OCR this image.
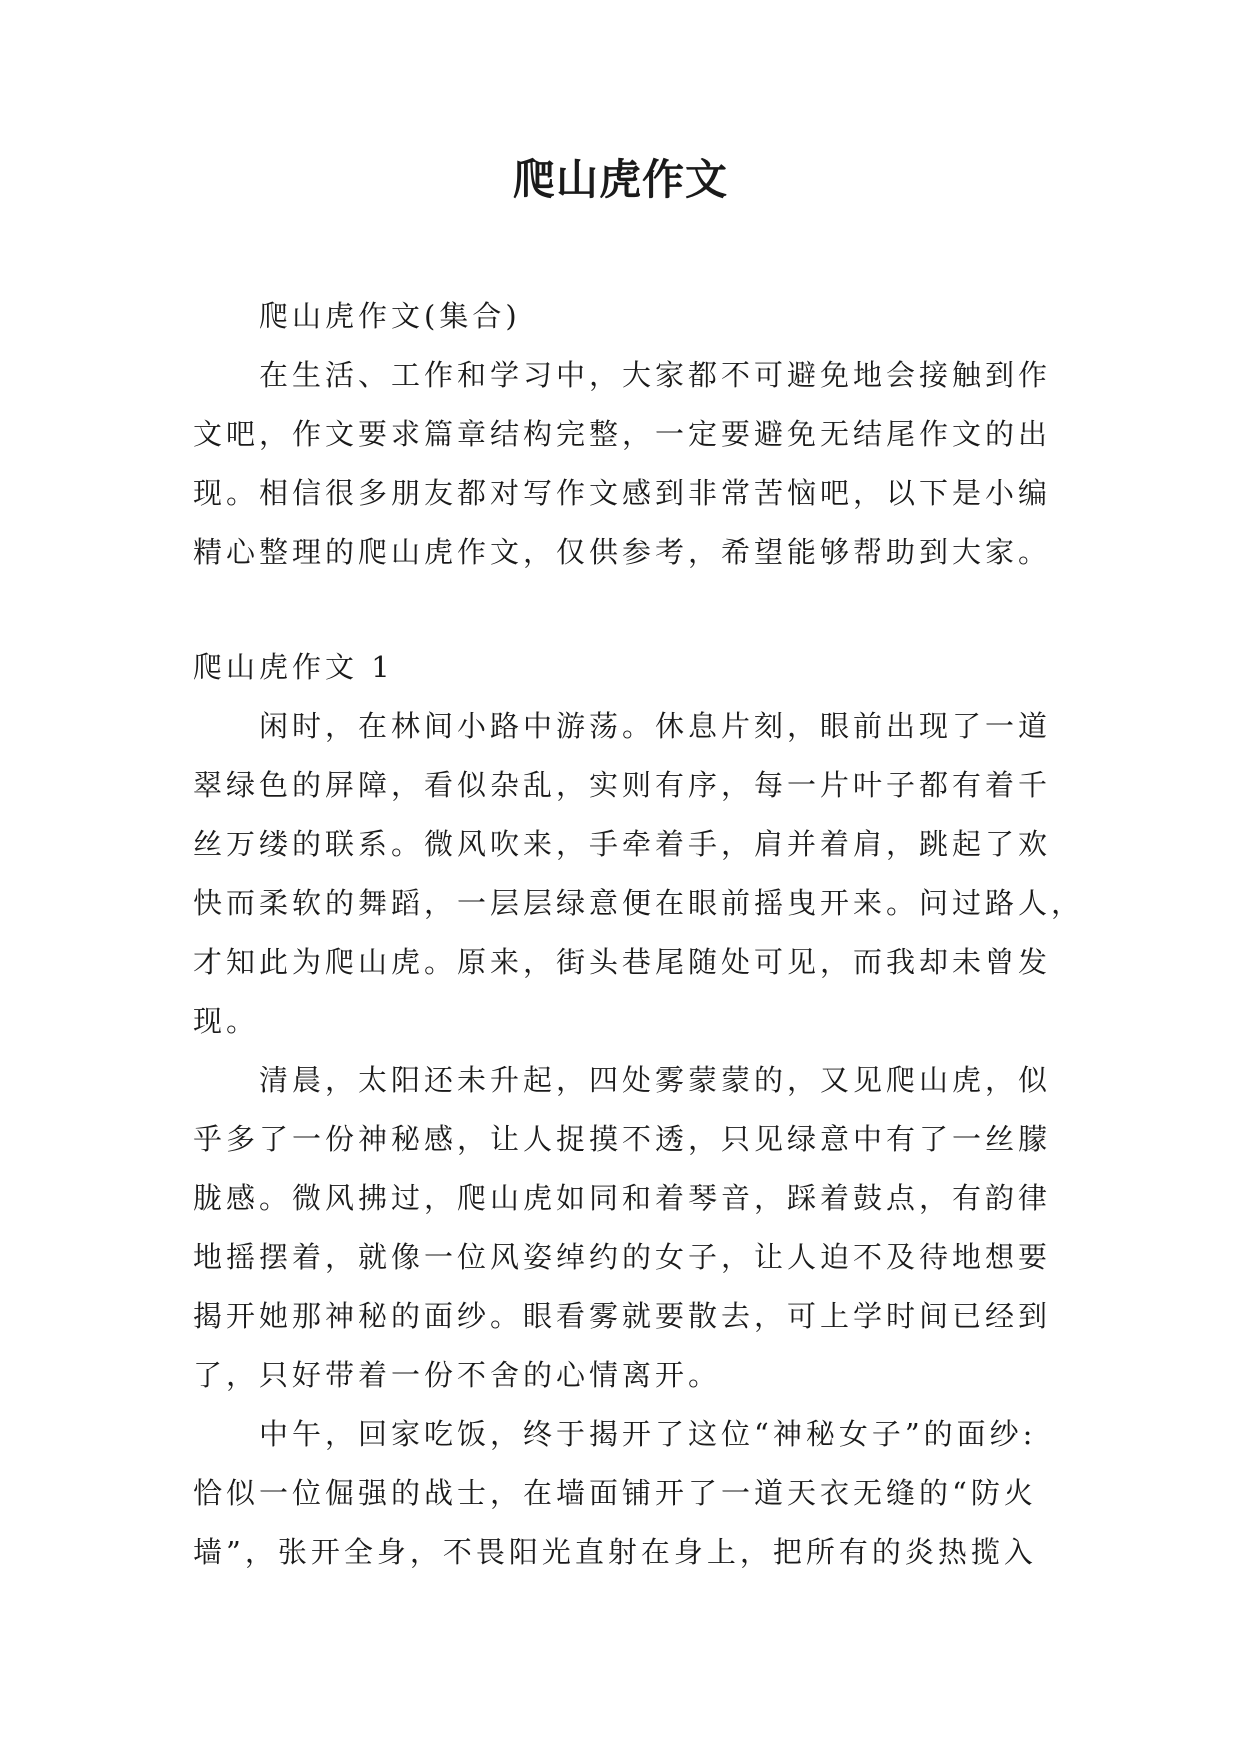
爬山虎作文
爬山虎作文(集合)
在生活、工作和学习中，大家都不可避免地会接触到作
文吧，作文要求篇章结构完整，一定要避免无结尾作文的出
现。相信很多朋友都对写作文感到非常苦恼吧，以下是小编
精心整理的爬山虎作文，仅供参考，希望能够帮助到大家。
爬山虎作文 1
闲时，在林间小路中游荡。休息片刻，眼前出现了一道
翠绿色的屏障，看似杂乱，实则有序，每一片叶子都有着千
丝万缕的联系。微风吹来，手牵着手，肩并着肩，跳起了欢
快而柔软的舞蹈，一层层绿意便在眼前摇曳开来。问过路人，
才知此为爬山虎。原来，街头巷尾随处可见，而我却未曾发
现。
清晨，太阳还未升起，四处雾蒙蒙的，又见爬山虎，似
乎多了一份神秘感，让人捉摸不透，只见绿意中有了一丝朦
胧感。微风拂过，爬山虎如同和着琴音，踩着鼓点，有韵律
地摇摆着，就像一位风姿绰约的女子，让人迫不及待地想要
揭开她那神秘的面纱。眼看雾就要散去，可上学时间已经到
了，只好带着一份不舍的心情离开。
中午，回家吃饭，终于揭开了这位“神秘女子”的面纱:
恰似一位倔强的战士，在墙面铺开了一道天衣无缝的“防火
墙”，张开全身，不畏阳光直射在身上，把所有的炎热揽入
